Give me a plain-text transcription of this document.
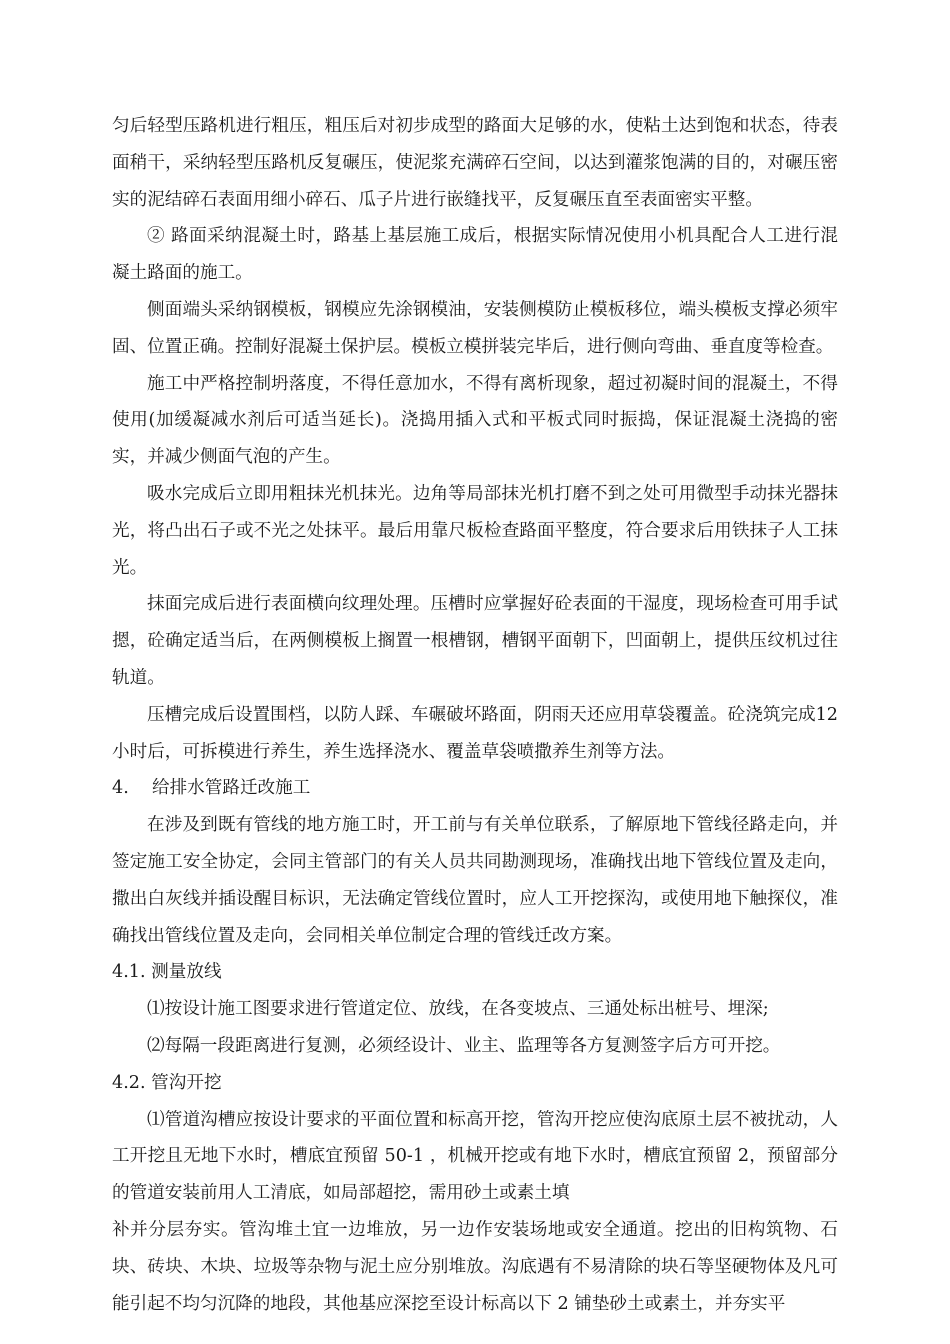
匀后轻型压路机进行粗压，粗压后对初步成型的路面大足够的水，使粘土达到饱和状态，待表面稍干，采纳轻型压路机反复碾压，使泥浆充满碎石空间，以达到灌浆饱满的目的，对碾压密实的泥结碎石表面用细小碎石、瓜子片进行嵌缝找平，反复碾压直至表面密实平整。

② 路面采纳混凝土时，路基上基层施工成后，根据实际情况使用小机具配合人工进行混凝土路面的施工。

侧面端头采纳钢模板，钢模应先涂钢模油，安装侧模防止模板移位，端头模板支撑必须牢固、位置正确。控制好混凝土保护层。模板立模拼装完毕后，进行侧向弯曲、垂直度等检查。

施工中严格控制坍落度，不得任意加水，不得有离析现象，超过初凝时间的混凝土，不得使用(加缓凝减水剂后可适当延长)。浇捣用插入式和平板式同时振捣，保证混凝土浇捣的密实，并减少侧面气泡的产生。

吸水完成后立即用粗抹光机抹光。边角等局部抹光机打磨不到之处可用微型手动抹光器抹光，将凸出石子或不光之处抹平。最后用靠尺板检查路面平整度，符合要求后用铁抹子人工抹光。

抹面完成后进行表面横向纹理处理。压槽时应掌握好砼表面的干湿度，现场检查可用手试摁，砼确定适当后，在两侧模板上搁置一根槽钢，槽钢平面朝下，凹面朝上，提供压纹机过往轨道。

压槽完成后设置围档，以防人踩、车碾破坏路面，阴雨天还应用草袋覆盖。砼浇筑完成12小时后，可拆模进行养生，养生选择浇水、覆盖草袋喷撒养生剂等方法。

4.　 给排水管路迁改施工

在涉及到既有管线的地方施工时，开工前与有关单位联系，了解原地下管线径路走向，并签定施工安全协定，会同主管部门的有关人员共同勘测现场，准确找出地下管线位置及走向，撒出白灰线并插设醒目标识，无法确定管线位置时，应人工开挖探沟，或使用地下触探仪，准确找出管线位置及走向，会同相关单位制定合理的管线迁改方案。

4.1. 测量放线

⑴按设计施工图要求进行管道定位、放线，在各变坡点、三通处标出桩号、埋深;

⑵每隔一段距离进行复测，必须经设计、业主、监理等各方复测签字后方可开挖。

4.2. 管沟开挖

⑴管道沟槽应按设计要求的平面位置和标高开挖，管沟开挖应使沟底原土层不被扰动，人工开挖且无地下水时，槽底宜预留 50-1 ，机械开挖或有地下水时，槽底宜预留 2，预留部分的管道安装前用人工清底，如局部超挖，需用砂土或素土填

补并分层夯实。管沟堆土宜一边堆放，另一边作安装场地或安全通道。挖出的旧构筑物、石块、砖块、木块、垃圾等杂物与泥土应分别堆放。沟底遇有不易清除的块石等坚硬物体及凡可能引起不均匀沉降的地段，其他基应深挖至设计标高以下 2 铺垫砂土或素土，并夯实平
